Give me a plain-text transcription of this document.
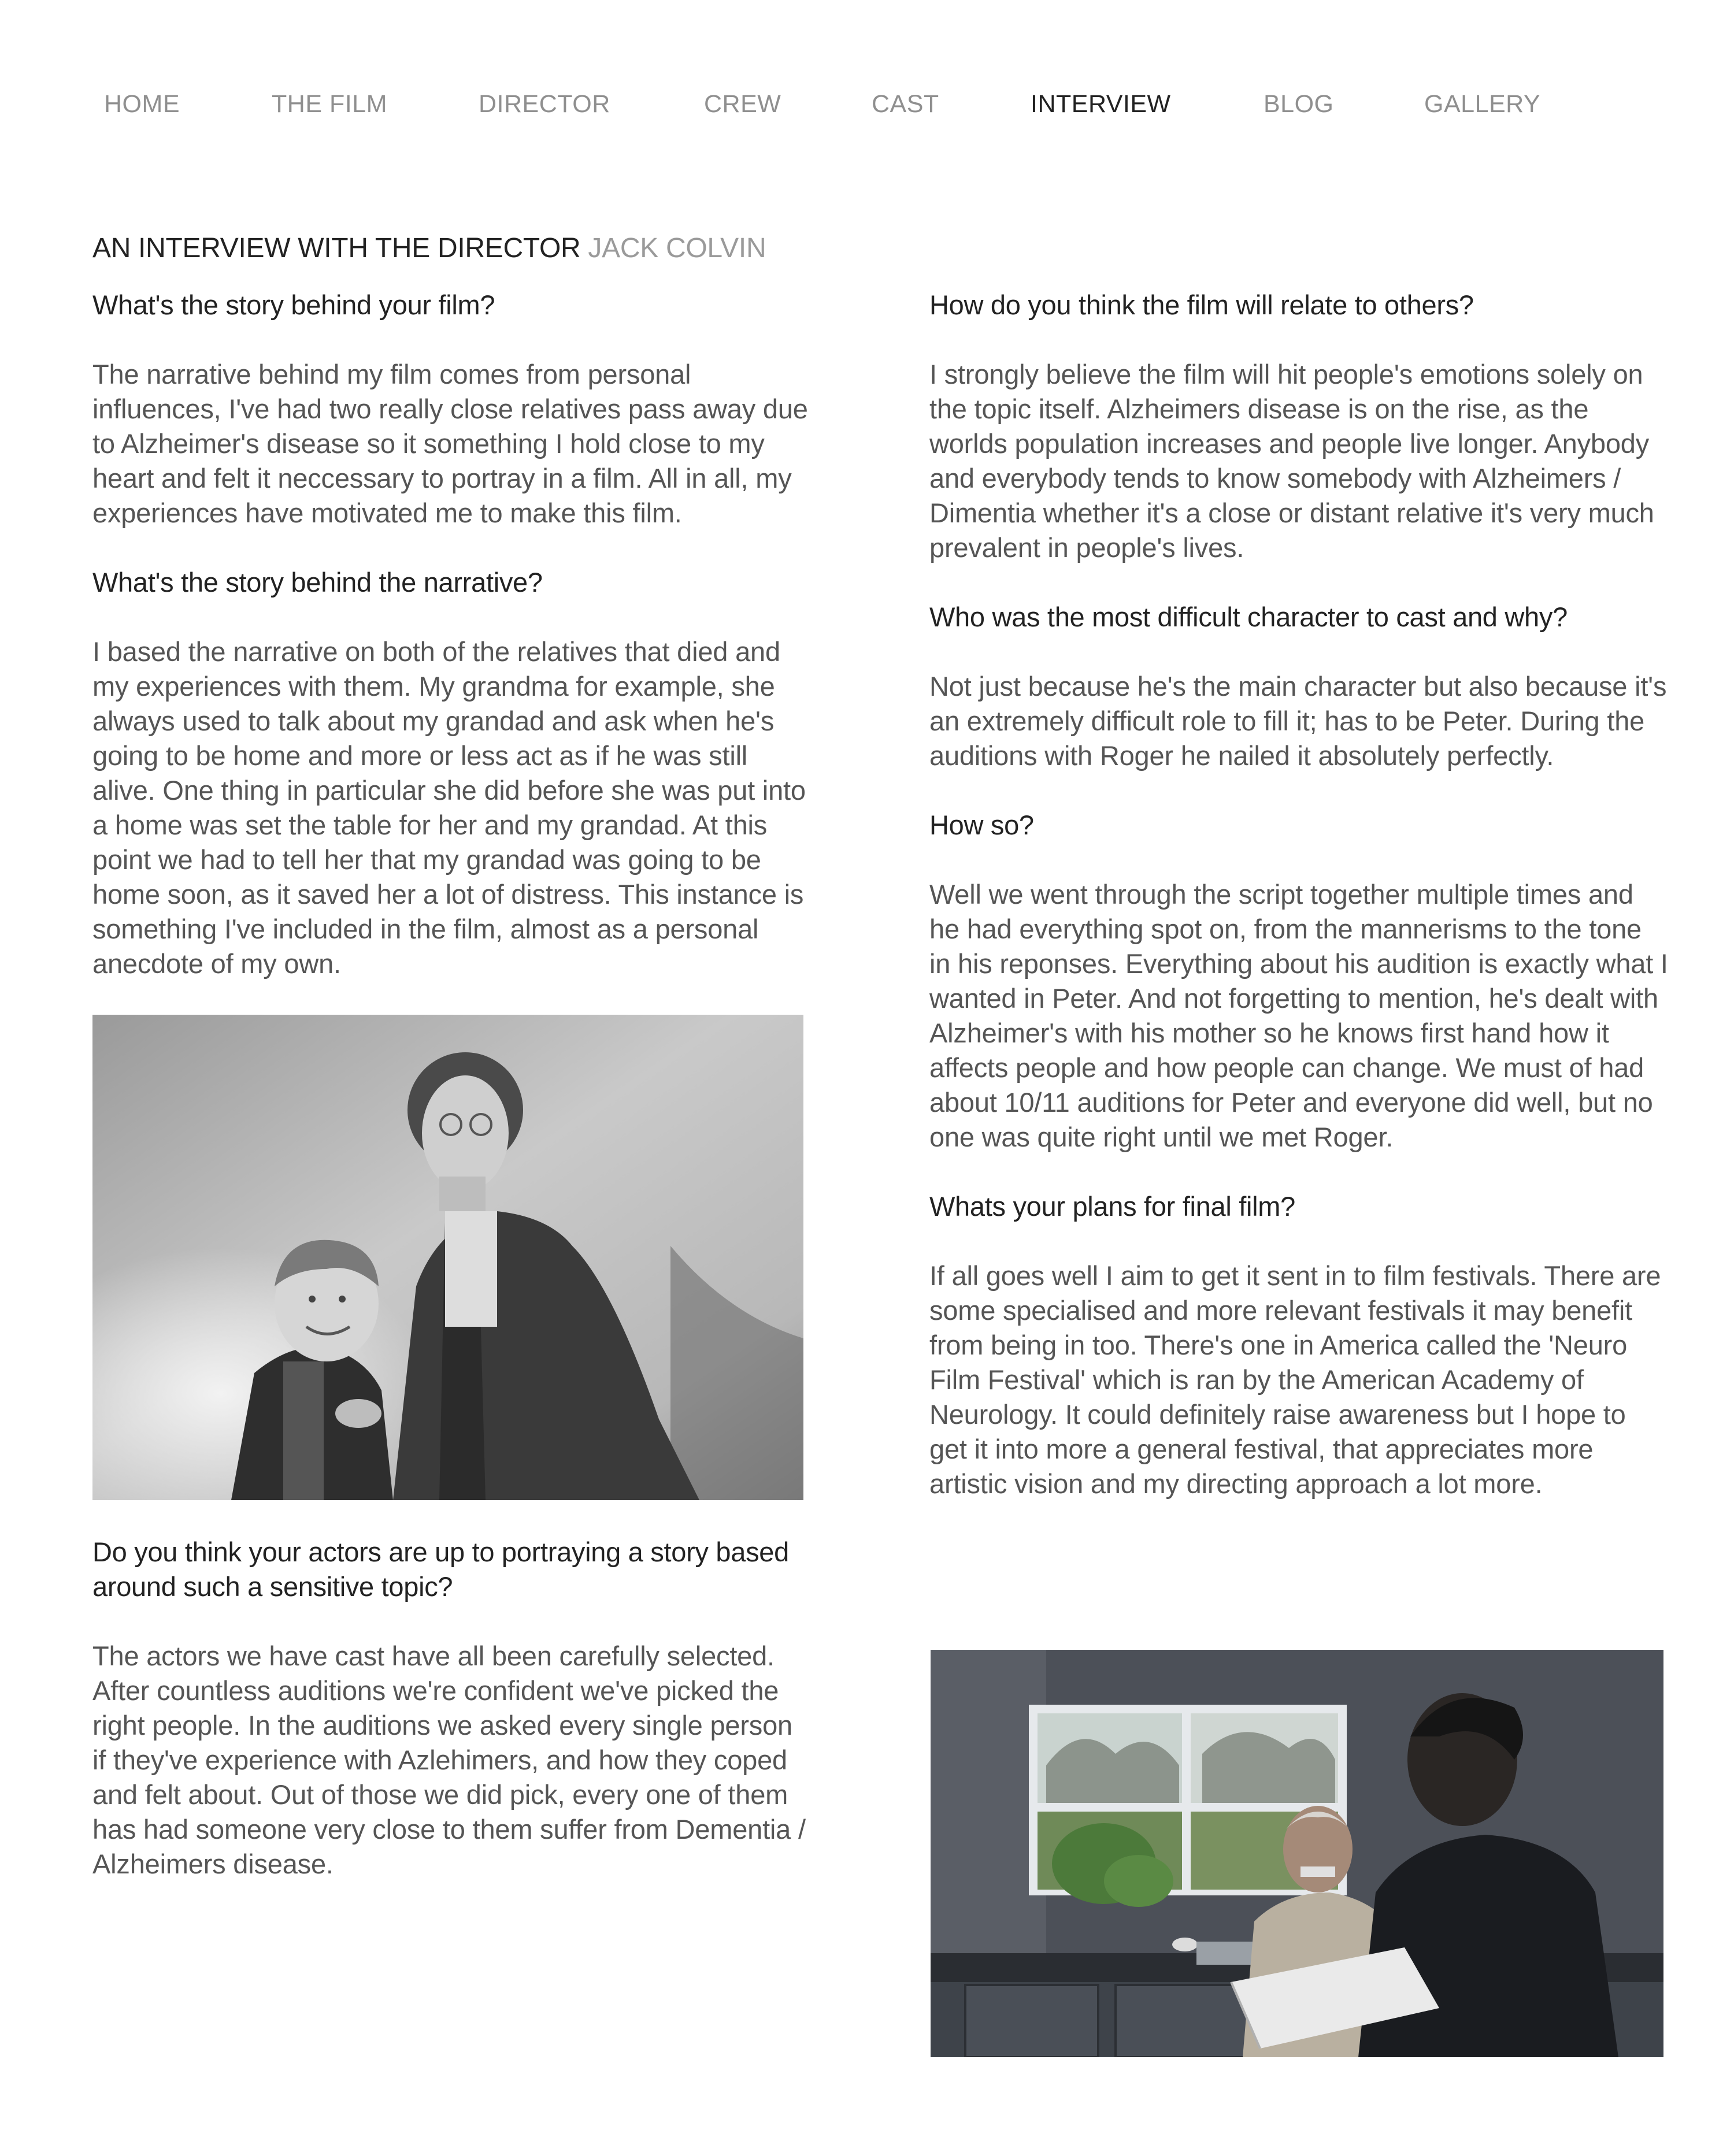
HOME	THE FILM	DIRECTOR	CREW	CAST	INTERVIEW	BLOG	GALLERY
AN INTERVIEW WITH THE DIRECTOR JACK COLVIN

What's the story behind your film?

The narrative behind my film comes from personal influences, I've had two really close relatives pass away due to Alzheimer's disease so it something I hold close to my heart and felt it neccessary to portray in a film. All in all, my experiences have motivated me to make this film.

What's the story behind the narrative?

I based the narrative on both of the relatives that died and my experiences with them. My grandma for example, she always used to talk about my grandad and ask when he's going to be home and more or less act as if he was still alive. One thing in particular she did before she was put into a home was set the table for her and my grandad. At this point we had to tell her that my grandad was going to be home soon, as it saved her a lot of distress. This instance is something I've included in the film, almost as a personal anecdote of my own.

Do you think your actors are up to portraying a story based around such a sensitive topic?

The actors we have cast have all been carefully selected. After countless auditions we're confident we've picked the right people. In the auditions we asked every single person if they've experience with Azlehimers, and how they coped and felt about. Out of those we did pick, every one of them has had someone very close to them suffer from Dementia / Alzheimers disease.

How do you think the film will relate to others?

I strongly believe the film will hit people's emotions solely on the topic itself. Alzheimers disease is on the rise, as the worlds population increases and people live longer. Anybody and everybody tends to know somebody with Alzheimers / Dimentia whether it's a close or distant relative it's very much prevalent in people's lives.

Who was the most difficult character to cast and why?

Not just because he's the main character but also because it's an extremely difficult role to fill it; has to be Peter. During the auditions with Roger he nailed it absolutely perfectly.

How so?

Well we went through the script together multiple times and he had everything spot on, from the mannerisms to the tone in his reponses. Everything about his audition is exactly what I wanted in Peter. And not forgetting to mention, he's dealt with Alzheimer's with his mother so he knows first hand how it affects people and how people can change. We must of had about 10/11 auditions for Peter and everyone did well, but no one was quite right until we met Roger.

Whats your plans for final film?

If all goes well I aim to get it sent in to film festivals. There are some specialised and more relevant festivals it may benefit from being in too. There's one in America called the 'Neuro Film Festival' which is ran by the American Academy of Neurology. It could definitely raise awareness but I hope to get it into more a general festival, that appreciates more artistic vision and my directing approach a lot more.
